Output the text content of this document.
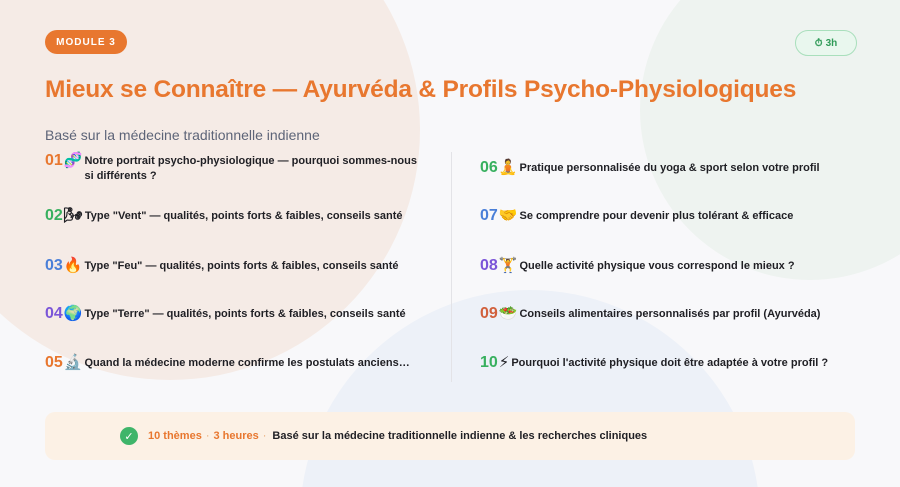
MODULE 3	⏱ 3h
Mieux se Connaître — Ayurvéda & Profils Psycho-Physiologiques
Basé sur la médecine traditionnelle indienne
01 🧬 Notre portrait psycho-physiologique — pourquoi sommes-nous si différents ?
02 🌬 Type "Vent" — qualités, points forts & faibles, conseils santé
03 🔥 Type "Feu" — qualités, points forts & faibles, conseils santé
04 🌍 Type "Terre" — qualités, points forts & faibles, conseils santé
05 🔬 Quand la médecine moderne confirme les postulats anciens…
06 🧘 Pratique personnalisée du yoga & sport selon votre profil
07 🤝 Se comprendre pour devenir plus tolérant & efficace
08 🏋 Quelle activité physique vous correspond le mieux ?
09 🥗 Conseils alimentaires personnalisés par profil (Ayurvéda)
10 ⚡ Pourquoi l'activité physique doit être adaptée à votre profil ?
✓	10 thèmes · 3 heures · Basé sur la médecine traditionnelle indienne & les recherches cliniques
